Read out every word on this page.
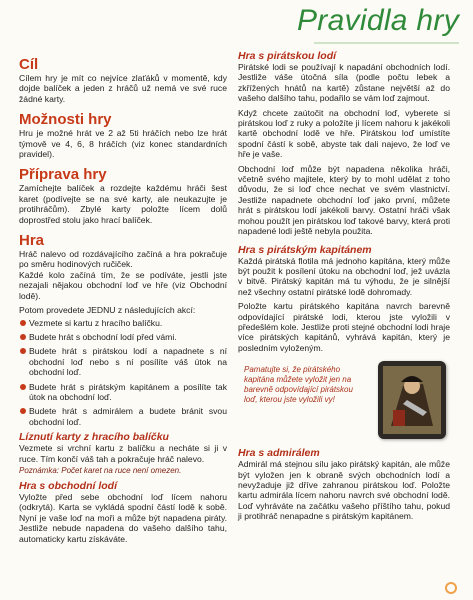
Pravidla hry
Cíl

Cílem hry je mít co nejvíce zlaťáků v momentě, kdy dojde balíček a jeden z hráčů už nemá ve své ruce žádné karty.

Možnosti hry

Hru je možné hrát ve 2 až 5ti hráčích nebo lze hrát týmově ve 4, 6, 8 hráčích (viz konec standardních pravidel).

Příprava hry

Zamíchejte balíček a rozdejte každému hráči šest karet (podívejte se na své karty, ale neukazujte je protihráčům). Zbylé karty položte lícem dolů doprostřed stolu jako hrací balíček.

Hra

Hráč nalevo od rozdávajícího začíná a hra pokračuje po směru hodinových ručiček.

Každé kolo začíná tím, že se podíváte, jestli jste nezajali nějakou obchodní loď ve hře (viz Obchodní lodě).

Potom provedete JEDNU z následujících akcí:

Vezmete si kartu z hracího balíčku.
Budete hrát s obchodní lodí před vámi.
Budete hrát s pirátskou lodí a napadnete s ní obchodní loď nebo s ní posílíte váš útok na obchodní loď.
Budete hrát s pirátským kapitánem a posílíte tak útok na obchodní loď.
Budete hrát s admirálem a budete bránit svou obchodní loď.
Líznutí karty z hracího balíčku

Vezmete si vrchní kartu z balíčku a necháte si ji v ruce. Tím končí váš tah a pokračuje hráč nalevo.

Poznámka: Počet karet na ruce není omezen.
Hra s obchodní lodí

Vyložte před sebe obchodní loď lícem nahoru (odkrytá). Karta se vykládá spodní částí lodě k sobě. Nyní je vaše loď na moři a může být napadena piráty. Jestliže nebude napadena do vašeho dalšího tahu, automaticky kartu získáváte.

Hra s pirátskou lodí

Pirátské lodi se používají k napadání obchodních lodí. Jestliže váše útočná síla (podle počtu lebek a zkřížených hnátů na kartě) zůstane největší až do vašeho dalšího tahu, podařilo se vám loď zajmout.

Když chcete zaútočit na obchodní loď, vyberete si pirátskou loď z ruky a položíte ji lícem nahoru k jakékoli kartě obchodní lodě ve hře. Pirátskou loď umístíte spodní částí k sobě, abyste tak dali najevo, že loď ve hře je vaše.

Obchodní loď může být napadena několika hráči, včetně svého majitele, který by to mohl udělat z toho důvodu, že si loď chce nechat ve svém vlastnictví. Jestliže napadnete obchodní loď jako první, můžete hrát s pirátskou lodí jakékoli barvy. Ostatní hráči však mohou použít jen pirátskou loď takové barvy, která proti napadené lodi ještě nebyla použita.

Hra s pirátským kapitánem

Každá pirátská flotila má jednoho kapitána, který může být použit k posílení útoku na obchodní loď, jež uvázla v bitvě. Pirátský kapitán má tu výhodu, že je silnější než všechny ostatní pirátské lodě dohromady.

Položte kartu pirátského kapitána navrch barevně odpovídající pirátské lodi, kterou jste vyložili v předešlém kole. Jestliže proti stejné obchodní lodi hraje více pirátských kapitánů, vyhrává kapitán, který je posledním vyloženým.

Pamatujte si, že pirátského kapitána můžete vyložit jen na barevně odpovídající pirátskou loď, kterou jste vyložili vy!
Hra s admirálem

Admirál má stejnou sílu jako pirátský kapitán, ale může být vyložen jen k obraně svých obchodních lodí a nevyžaduje již dříve zahranou pirátskou loď. Položte kartu admirála lícem nahoru navrch své obchodní lodě. Loď vyhráváte na začátku vašeho příštího tahu, pokud ji protihráč nenapadne s pirátským kapitánem.
